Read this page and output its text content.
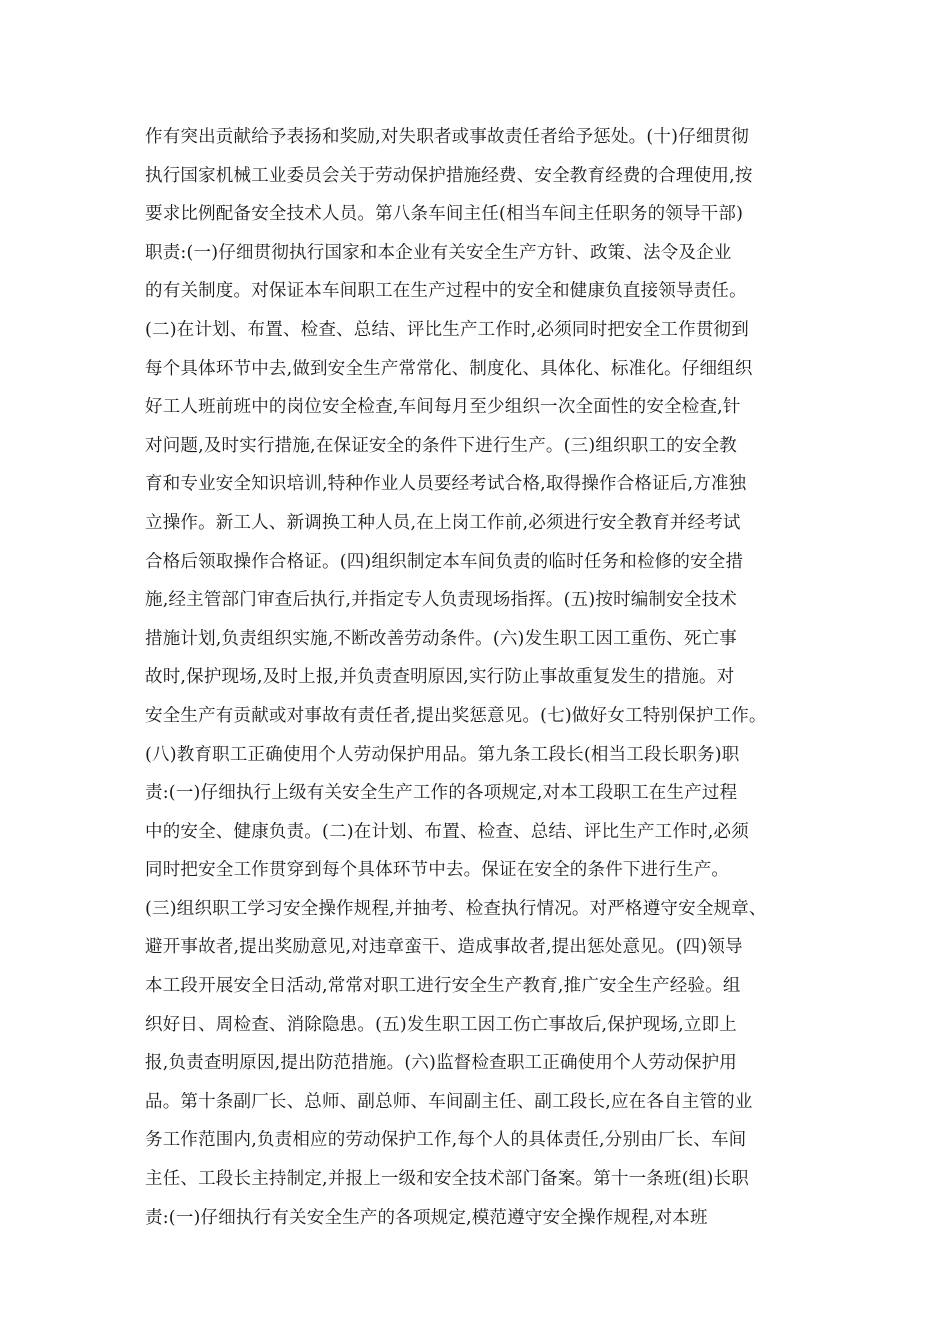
作有突出贡献给予表扬和奖励,对失职者或事故责任者给予惩处。(十)仔细贯彻
执行国家机械工业委员会关于劳动保护措施经费、安全教育经费的合理使用,按
要求比例配备安全技术人员。第八条车间主任(相当车间主任职务的领导干部)
职责:(一)仔细贯彻执行国家和本企业有关安全生产方针、政策、法令及企业
的有关制度。对保证本车间职工在生产过程中的安全和健康负直接领导责任。
(二)在计划、布置、检查、总结、评比生产工作时,必须同时把安全工作贯彻到
每个具体环节中去,做到安全生产常常化、制度化、具体化、标准化。仔细组织
好工人班前班中的岗位安全检查,车间每月至少组织一次全面性的安全检查,针
对问题,及时实行措施,在保证安全的条件下进行生产。(三)组织职工的安全教
育和专业安全知识培训,特种作业人员要经考试合格,取得操作合格证后,方准独
立操作。新工人、新调换工种人员,在上岗工作前,必须进行安全教育并经考试
合格后领取操作合格证。(四)组织制定本车间负责的临时任务和检修的安全措
施,经主管部门审查后执行,并指定专人负责现场指挥。(五)按时编制安全技术
措施计划,负责组织实施,不断改善劳动条件。(六)发生职工因工重伤、死亡事
故时,保护现场,及时上报,并负责查明原因,实行防止事故重复发生的措施。对
安全生产有贡献或对事故有责任者,提出奖惩意见。(七)做好女工特别保护工作。
(八)教育职工正确使用个人劳动保护用品。第九条工段长(相当工段长职务)职
责:(一)仔细执行上级有关安全生产工作的各项规定,对本工段职工在生产过程
中的安全、健康负责。(二)在计划、布置、检查、总结、评比生产工作时,必须
同时把安全工作贯穿到每个具体环节中去。保证在安全的条件下进行生产。
(三)组织职工学习安全操作规程,并抽考、检查执行情况。对严格遵守安全规章、
避开事故者,提出奖励意见,对违章蛮干、造成事故者,提出惩处意见。(四)领导
本工段开展安全日活动,常常对职工进行安全生产教育,推广安全生产经验。组
织好日、周检查、消除隐患。(五)发生职工因工伤亡事故后,保护现场,立即上
报,负责查明原因,提出防范措施。(六)监督检查职工正确使用个人劳动保护用
品。第十条副厂长、总师、副总师、车间副主任、副工段长,应在各自主管的业
务工作范围内,负责相应的劳动保护工作,每个人的具体责任,分别由厂长、车间
主任、工段长主持制定,并报上一级和安全技术部门备案。第十一条班(组)长职
责:(一)仔细执行有关安全生产的各项规定,模范遵守安全操作规程,对本班
